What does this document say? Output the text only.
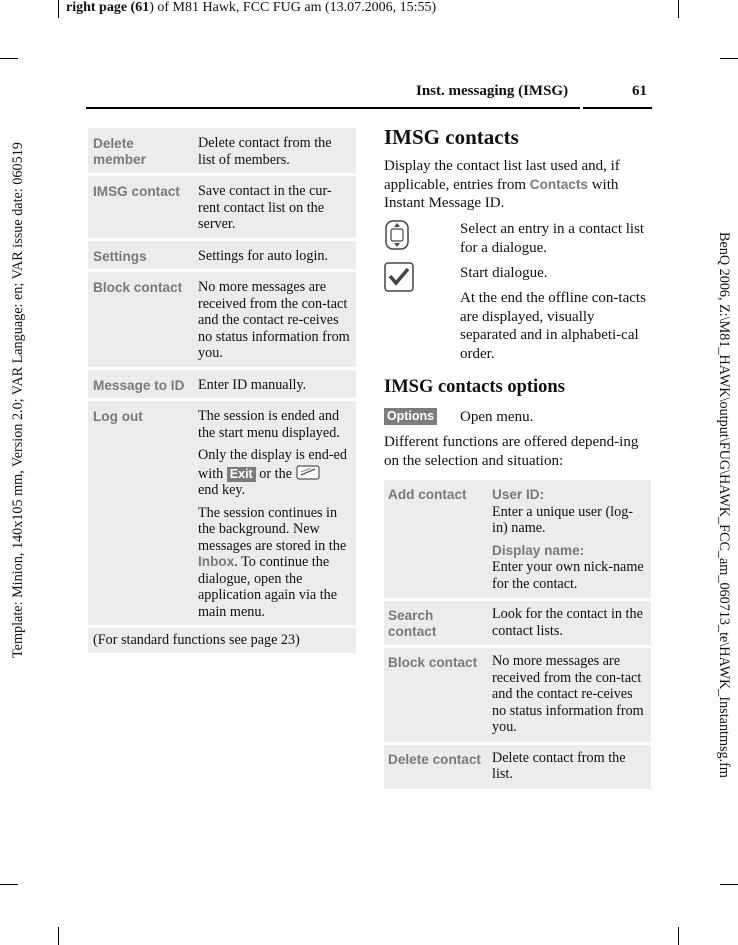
right page (61) of M81 Hawk, FCC FUG am (13.07.2006, 15:55)
Template: Minion, 140x105 mm, Version 2.0; VAR Language: en; VAR issue date: 060519	BenQ 2006, Z:\M81_HAWK\output\FUG\HAWK_FCC_am_060713_te\HAWK_Instantmsg.fm
Inst. messaging (IMSG)	61
Delete member	Delete contact from the list of members.
IMSG contact	Save contact in the cur-rent contact list on the server.
Settings	Settings for auto login.
Block contact	No more messages are received from the con-tact and the contact re-ceives no status information from you.
Message to ID	Enter ID manually.
Log out	The session is ended and the start menu displayed.

Only the display is end-ed with Exit or the
end key.

The session continues in the background. New messages are stored in the Inbox. To continue the dialogue, open the application again via the main menu.

(For standard functions see page 23)	
IMSG contacts
Display the contact list last used and, if applicable, entries from Contacts with Instant Message ID.
Select an entry in a contact list for a dialogue.
Start dialogue.
At the end the offline con-tacts are displayed, visually separated and in alphabeti-cal order.
IMSG contacts options
Options Open menu.
Different functions are offered depend-ing on the selection and situation:
Add contact	User ID:
Enter a unique user (log-in) name.

Display name:
Enter your own nick-name for the contact.

Search contact	Look for the contact in the contact lists.
Block contact	No more messages are received from the con-tact and the contact re-ceives no status information from you.
Delete contact	Delete contact from the list.
